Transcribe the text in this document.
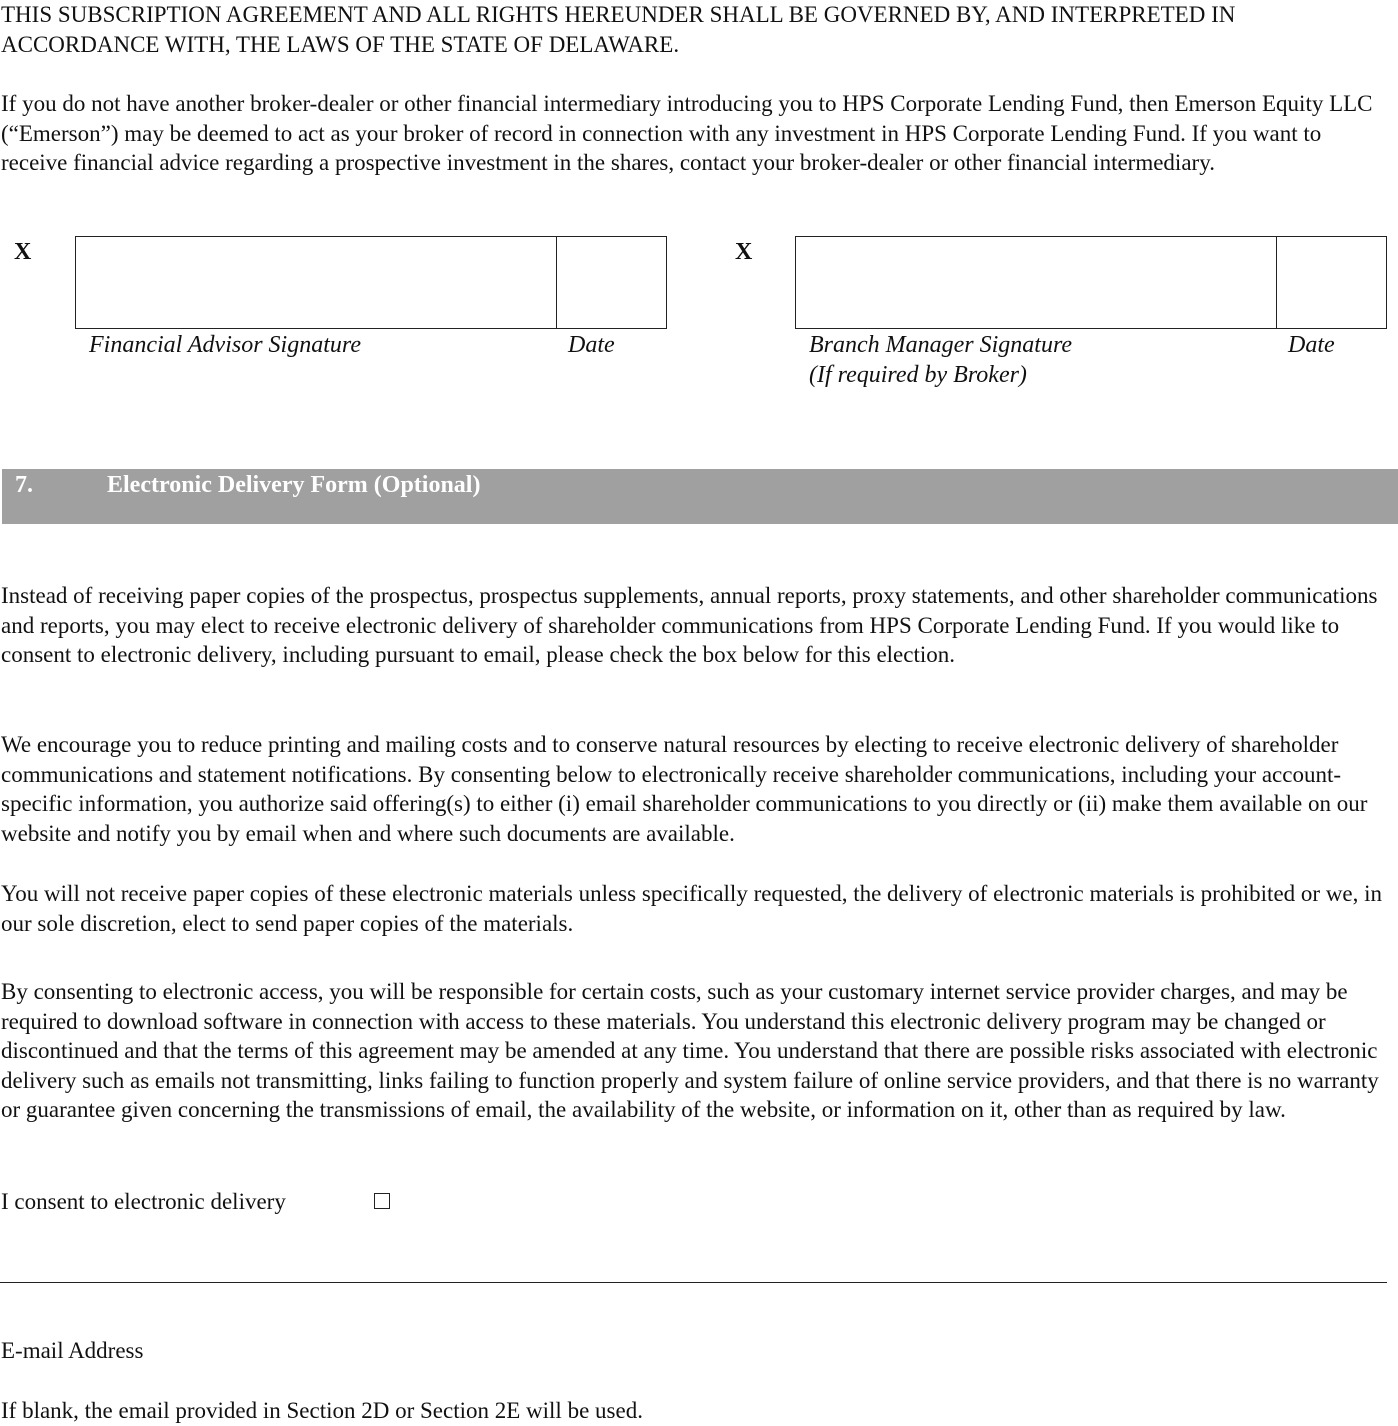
THIS SUBSCRIPTION AGREEMENT AND ALL RIGHTS HEREUNDER SHALL BE GOVERNED BY, AND INTERPRETED IN ACCORDANCE WITH, THE LAWS OF THE STATE OF DELAWARE.

If you do not have another broker-dealer or other financial intermediary introducing you to HPS Corporate Lending Fund, then Emerson Equity LLC (“Emerson”) may be deemed to act as your broker of record in connection with any investment in HPS Corporate Lending Fund. If you want to receive financial advice regarding a prospective investment in the shares, contact your broker-dealer or other financial intermediary.

X
Financial Advisor Signature	Date
X
Branch Manager Signature
(If required by Broker)
Date
7.	Electronic Delivery Form (Optional)

Instead of receiving paper copies of the prospectus, prospectus supplements, annual reports, proxy statements, and other shareholder communications and reports, you may elect to receive electronic delivery of shareholder communications from HPS Corporate Lending Fund. If you would like to consent to electronic delivery, including pursuant to email, please check the box below for this election.

We encourage you to reduce printing and mailing costs and to conserve natural resources by electing to receive electronic delivery of shareholder communications and statement notifications. By consenting below to electronically receive shareholder communications, including your account-specific information, you authorize said offering(s) to either (i) email shareholder communications to you directly or (ii) make them available on our website and notify you by email when and where such documents are available.

You will not receive paper copies of these electronic materials unless specifically requested, the delivery of electronic materials is prohibited or we, in our sole discretion, elect to send paper copies of the materials.

By consenting to electronic access, you will be responsible for certain costs, such as your customary internet service provider charges, and may be required to download software in connection with access to these materials. You understand this electronic delivery program may be changed or discontinued and that the terms of this agreement may be amended at any time. You understand that there are possible risks associated with electronic delivery such as emails not transmitting, links failing to function properly and system failure of online service providers, and that there is no warranty or guarantee given concerning the transmissions of email, the availability of the website, or information on it, other than as required by law.

I consent to electronic delivery
E-mail Address
If blank, the email provided in Section 2D or Section 2E will be used.
